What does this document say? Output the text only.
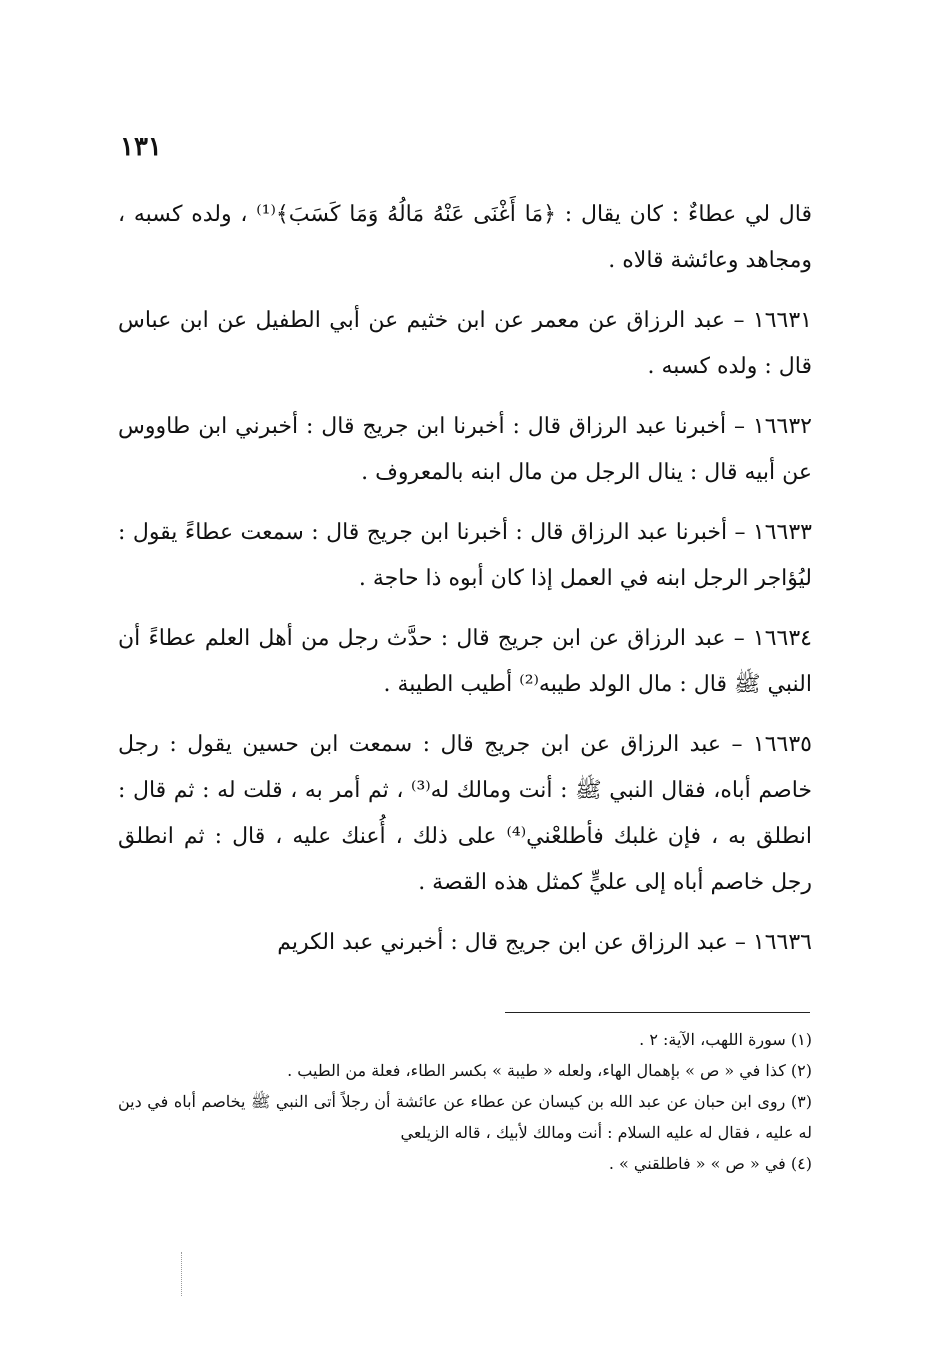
١٣١

قال لي عطاءٌ : كان يقال : ﴿مَا أَغْنَى عَنْهُ مَالُهُ وَمَا كَسَبَ﴾⁽¹⁾ ، ولده كسبه ، ومجاهد وعائشة قالاه .

١٦٦٣١ – عبد الرزاق عن معمر عن ابن خثيم عن أبي الطفيل عن ابن عباس قال : ولده كسبه .

١٦٦٣٢ – أخبرنا عبد الرزاق قال : أخبرنا ابن جريج قال : أخبرني ابن طاووس عن أبيه قال : ينال الرجل من مال ابنه بالمعروف .

١٦٦٣٣ – أخبرنا عبد الرزاق قال : أخبرنا ابن جريج قال : سمعت عطاءً يقول : ليُؤاجر الرجل ابنه في العمل إذا كان أبوه ذا حاجة .

١٦٦٣٤ – عبد الرزاق عن ابن جريج قال : حدَّث رجل من أهل العلم عطاءً أن النبي ﷺ قال : مال الولد طيبه⁽²⁾ أطيب الطيبة .

١٦٦٣٥ – عبد الرزاق عن ابن جريج قال : سمعت ابن حسين يقول : رجل خاصم أباه، فقال النبي ﷺ : أنت ومالك له⁽³⁾ ، ثم أمر به ، قلت له : ثم قال : انطلق به ، فإن غلبك فأطلعْني⁽⁴⁾ على ذلك ، أُعنك عليه ، قال : ثم انطلق رجل خاصم أباه إلى عليٍّ كمثل هذه القصة .

١٦٦٣٦ – عبد الرزاق عن ابن جريج قال : أخبرني عبد الكريم

(١) سورة اللهب، الآية: ٢ .

(٢) كذا في « ص » بإهمال الهاء، ولعله « طيبة » بكسر الطاء، فعلة من الطيب .

(٣) روى ابن حبان عن عبد الله بن كيسان عن عطاء عن عائشة أن رجلاً أتى النبي ﷺ يخاصم أباه في دين له عليه ، فقال له عليه السلام : أنت ومالك لأبيك ، قاله الزيلعي

(٤) في « ص » « فاطلقني » .
